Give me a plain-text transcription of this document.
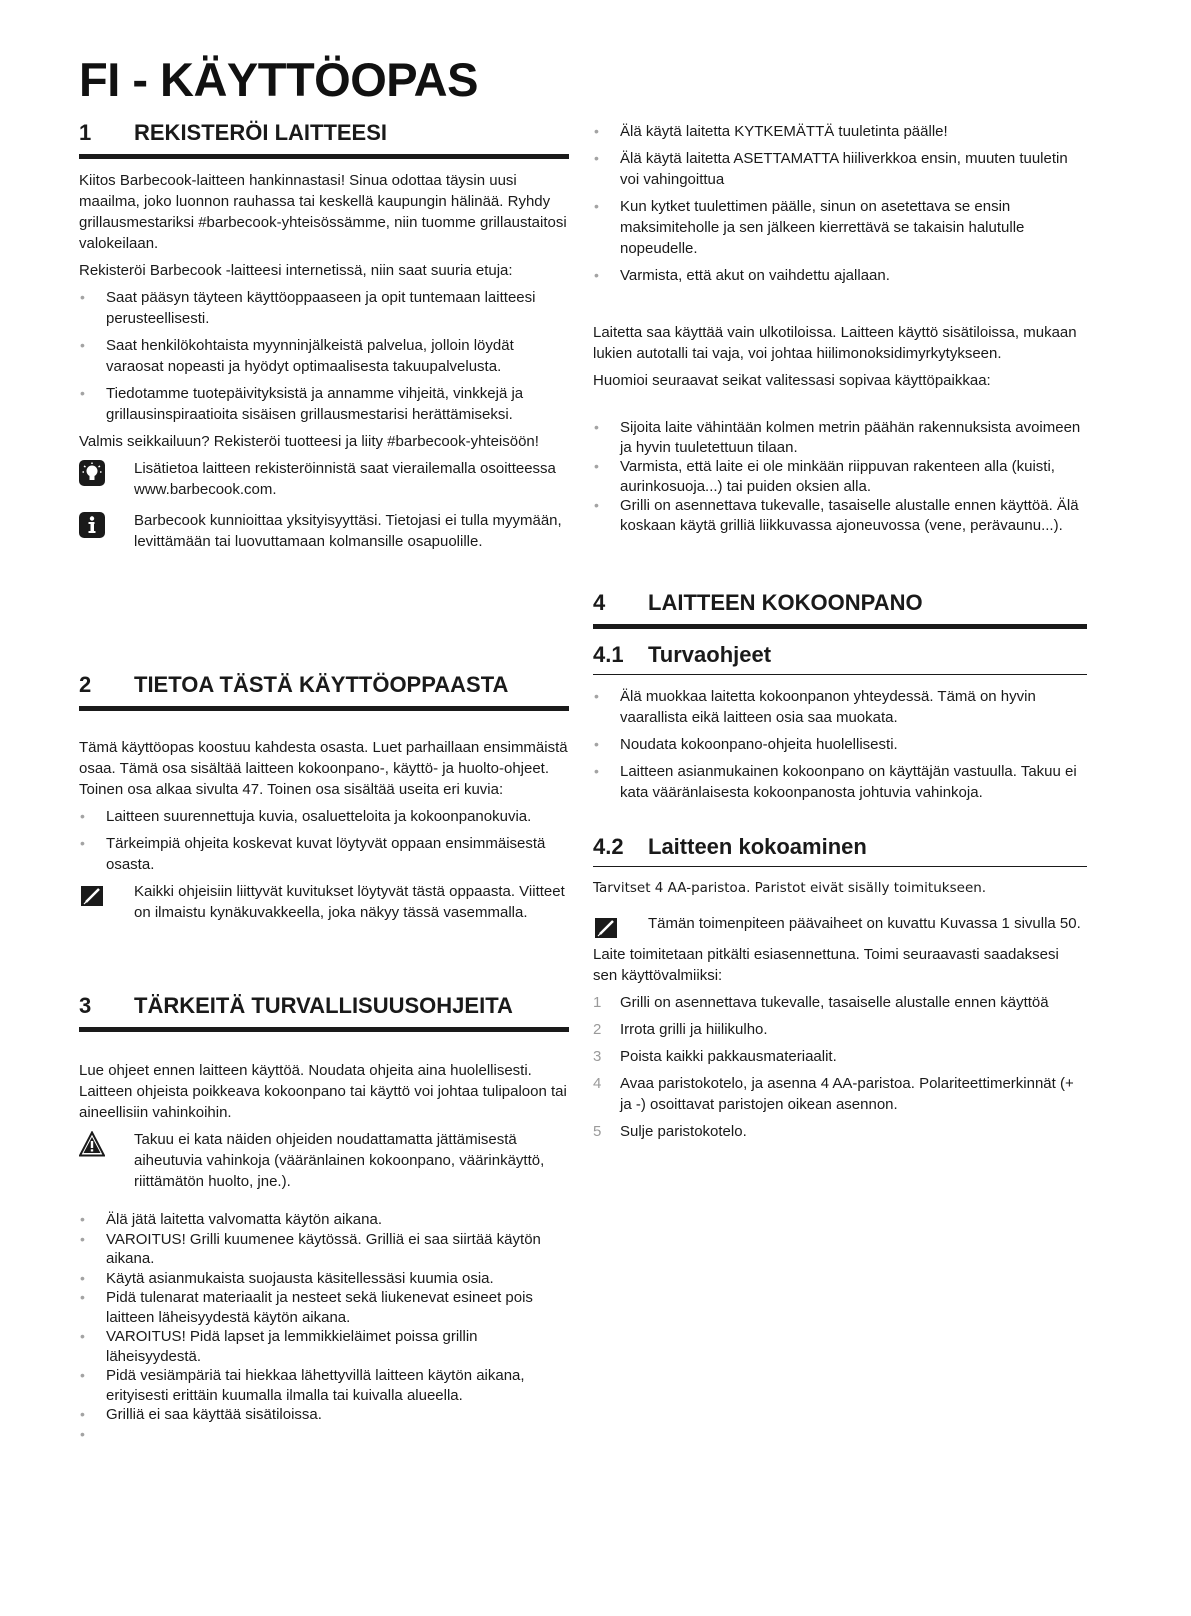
FI - KÄYTTÖOPAS
1 REKISTERÖI LAITTEESI

Kiitos Barbecook-laitteen hankinnastasi! Sinua odottaa täysin uusi maailma, joko luonnon rauhassa tai keskellä kaupungin hälinää. Ryhdy grillausmestariksi #barbecook-yhteisössämme, niin tuomme grillaustaitosi valokeilaan.

Rekisteröi Barbecook -laitteesi internetissä, niin saat suuria etuja:

• Saat pääsyn täyteen käyttöoppaaseen ja opit tuntemaan laitteesi perusteellisesti.
• Saat henkilökohtaista myynninjälkeistä palvelua, jolloin löydät varaosat nopeasti ja hyödyt optimaalisesta takuupalvelusta.
• Tiedotamme tuotepäivityksistä ja annamme vihjeitä, vinkkejä ja grillausinspiraatioita sisäisen grillausmestarisi herättämiseksi.

Valmis seikkailuun? Rekisteröi tuotteesi ja liity #barbecook-yhteisöön!

Lisätietoa laitteen rekisteröinnistä saat vierailemalla osoitteessa www.barbecook.com.
Barbecook kunnioittaa yksityisyyttäsi. Tietojasi ei tulla myymään, levittämään tai luovuttamaan kolmansille osapuolille.
2 TIETOA TÄSTÄ KÄYTTÖOPPAASTA

Tämä käyttöopas koostuu kahdesta osasta. Luet parhaillaan ensimmäistä osaa. Tämä osa sisältää laitteen kokoonpano-, käyttö- ja huolto-ohjeet. Toinen osa alkaa sivulta 47. Toinen osa sisältää useita eri kuvia:

• Laitteen suurennettuja kuvia, osaluetteloita ja kokoonpanokuvia.
• Tärkeimpiä ohjeita koskevat kuvat löytyvät oppaan ensimmäisestä osasta.
Kaikki ohjeisiin liittyvät kuvitukset löytyvät tästä oppaasta. Viitteet on ilmaistu kynäkuvakkeella, joka näkyy tässä vasemmalla.
3 TÄRKEITÄ TURVALLISUUSOHJEITA

Lue ohjeet ennen laitteen käyttöä. Noudata ohjeita aina huolellisesti. Laitteen ohjeista poikkeava kokoonpano tai käyttö voi johtaa tulipaloon tai aineellisiin vahinkoihin.

Takuu ei kata näiden ohjeiden noudattamatta jättämisestä aiheutuvia vahinkoja (vääränlainen kokoonpano, väärinkäyttö, riittämätön huolto, jne.).
• Älä jätä laitetta valvomatta käytön aikana.
• VAROITUS! Grilli kuumenee käytössä. Grilliä ei saa siirtää käytön aikana.
• Käytä asianmukaista suojausta käsitellessäsi kuumia osia.
• Pidä tulenarat materiaalit ja nesteet sekä liukenevat esineet pois laitteen läheisyydestä käytön aikana.
• VAROITUS! Pidä lapset ja lemmikkieläimet poissa grillin läheisyydestä.
• Pidä vesiämpäriä tai hiekkaa lähettyvillä laitteen käytön aikana, erityisesti erittäin kuumalla ilmalla tai kuivalla alueella.
• Grilliä ei saa käyttää sisätiloissa.
•
• Älä käytä laitetta KYTKEMÄTTÄ tuuletinta päälle!
• Älä käytä laitetta ASETTAMATTA hiiliverkkoa ensin, muuten tuuletin voi vahingoittua
• Kun kytket tuulettimen päälle, sinun on asetettava se ensin maksimiteholle ja sen jälkeen kierrettävä se takaisin halutulle nopeudelle.
• Varmista, että akut on vaihdettu ajallaan.

Laitetta saa käyttää vain ulkotiloissa. Laitteen käyttö sisätiloissa, mukaan lukien autotalli tai vaja, voi johtaa hiilimonoksidimyrkytykseen.

Huomioi seuraavat seikat valitessasi sopivaa käyttöpaikkaa:

• Sijoita laite vähintään kolmen metrin päähän rakennuksista avoimeen ja hyvin tuuletettuun tilaan.
• Varmista, että laite ei ole minkään riippuvan rakenteen alla (kuisti, aurinkosuoja...) tai puiden oksien alla.
• Grilli on asennettava tukevalle, tasaiselle alustalle ennen käyttöä. Älä koskaan käytä grilliä liikkuvassa ajoneuvossa (vene, perävaunu...).
4 LAITTEEN KOKOONPANO
4.1 Turvaohjeet
• Älä muokkaa laitetta kokoonpanon yhteydessä. Tämä on hyvin vaarallista eikä laitteen osia saa muokata.
• Noudata kokoonpano-ohjeita huolellisesti.
• Laitteen asianmukainen kokoonpano on käyttäjän vastuulla. Takuu ei kata vääränlaisesta kokoonpanosta johtuvia vahinkoja.
4.2 Laitteen kokoaminen

Tarvitset 4 AA-paristoa. Paristot eivät sisälly toimitukseen.

Tämän toimenpiteen päävaiheet on kuvattu Kuvassa 1 sivulla 50.

Laite toimitetaan pitkälti esiasennettuna. Toimi seuraavasti saadaksesi sen käyttövalmiiksi:

1 Grilli on asennettava tukevalle, tasaiselle alustalle ennen käyttöä
2 Irrota grilli ja hiilikulho.
3 Poista kaikki pakkausmateriaalit.
4 Avaa paristokotelo, ja asenna 4 AA-paristoa. Polariteettimerkinnät (+ ja -) osoittavat paristojen oikean asennon.
5 Sulje paristokotelo.
